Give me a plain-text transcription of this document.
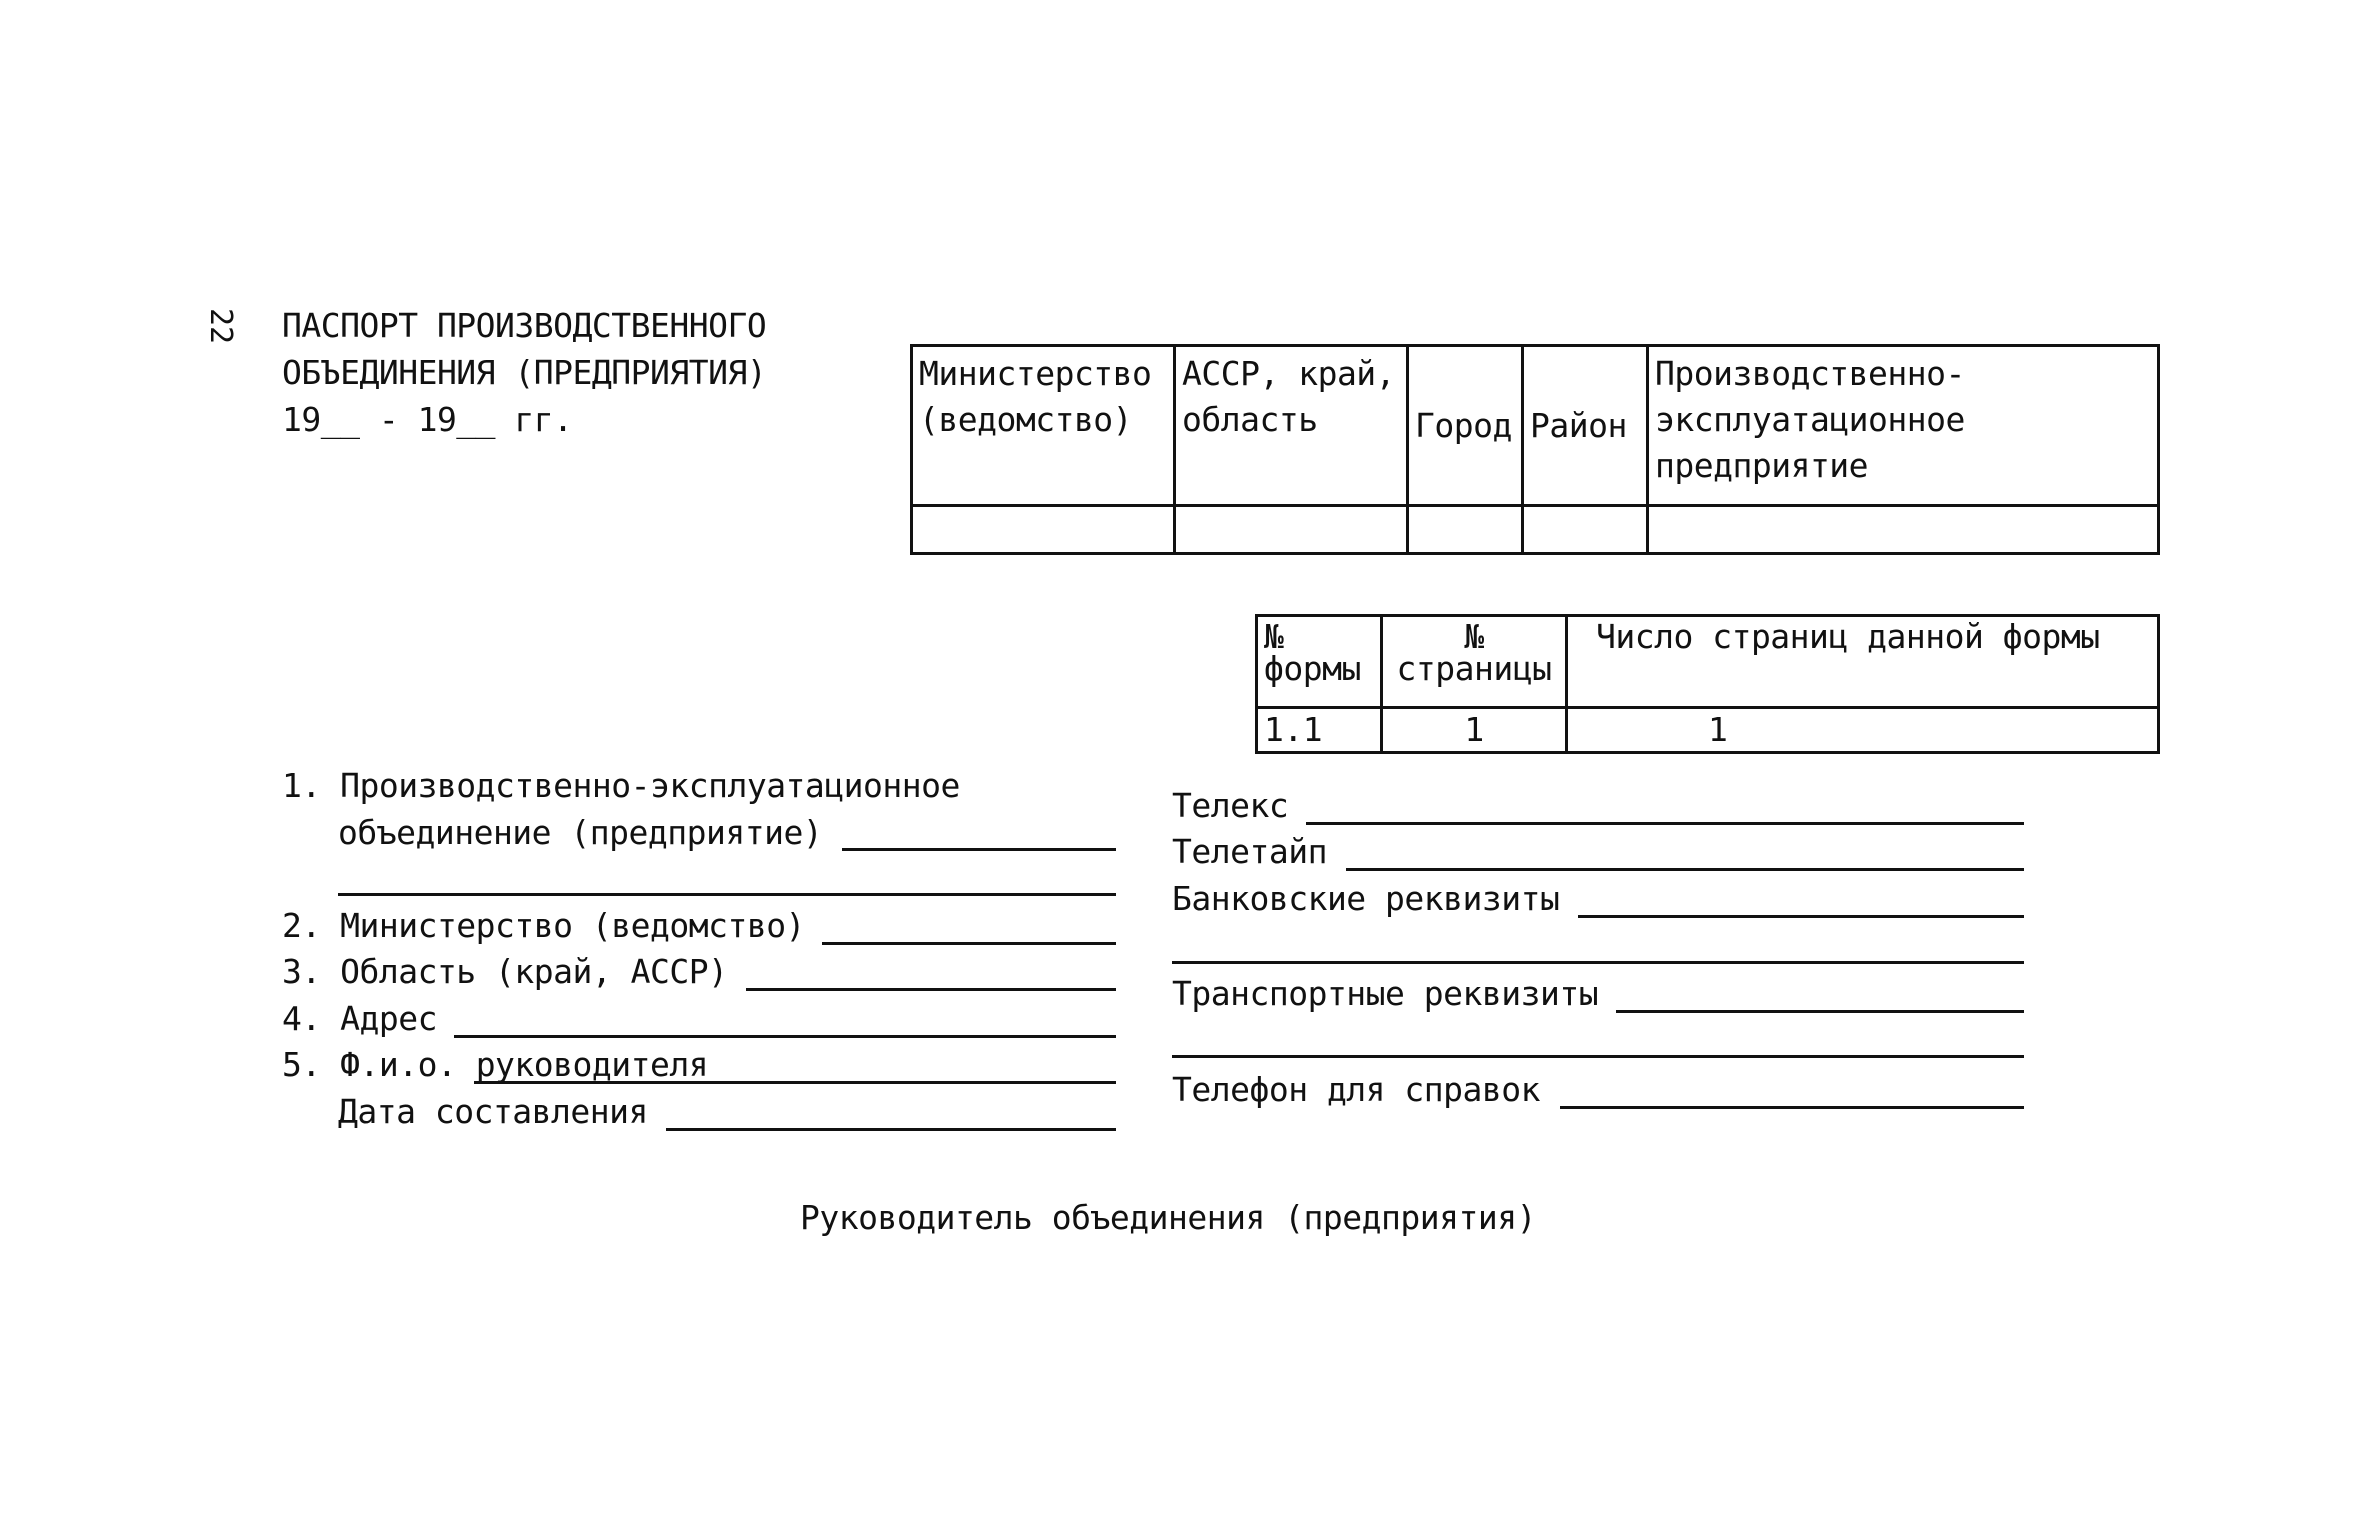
22 ПАСПОРТ ПРОИЗВОДСТВЕННОГО
ОБЪЕДИНЕНИЯ (ПРЕДПРИЯТИЯ)
19__ - 19__ гг.
Министерство (ведомство)	АССР, край, область	Город	Район	Производственно-эксплуатационное предприятие

№ формы	№ страницы	Число страниц данной формы
1.1	1	1
1. Производственно-эксплуатационное
объединение (предприятие)
2. Министерство (ведомство)
3. Область (край, АССР)
4. Адрес
5. Ф.и.о. руководителя
Дата составления
Телекс
Телетайп
Банковские реквизиты
Транспортные реквизиты
Телефон для справок
Руководитель объединения (предприятия)
